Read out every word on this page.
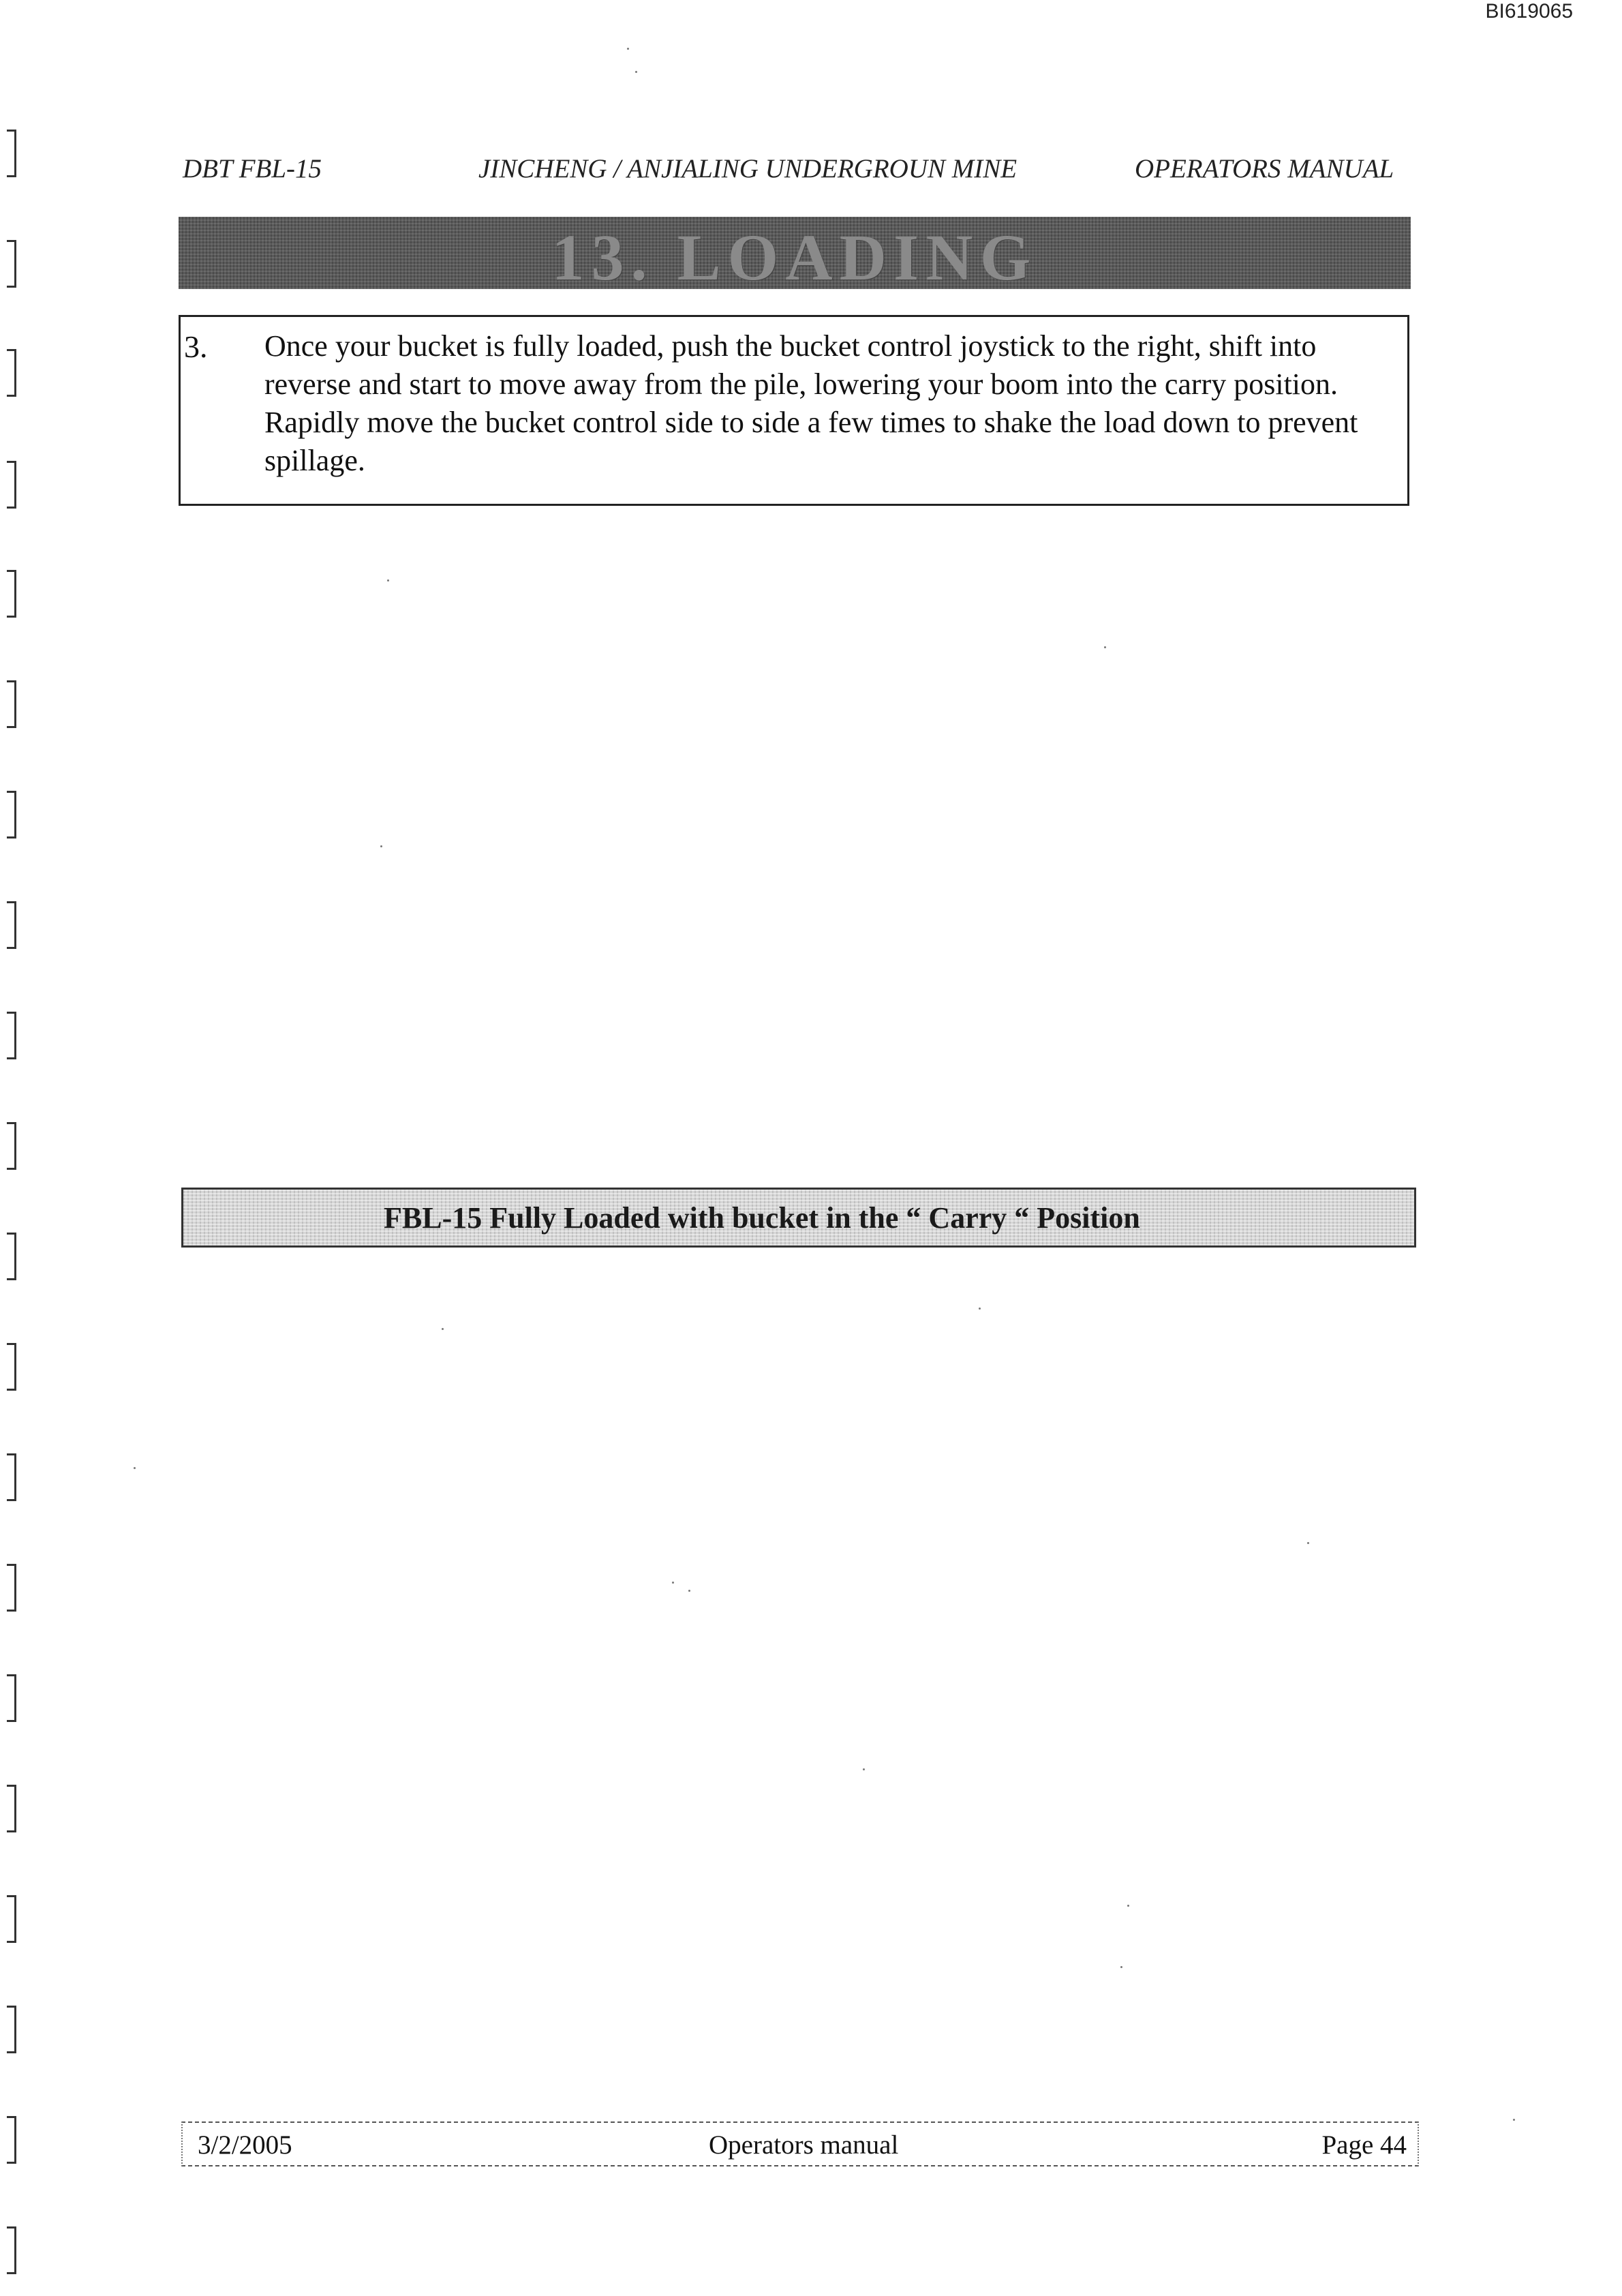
BI619065
DBT FBL-15	JINCHENG / ANJIALING UNDERGROUN MINE	OPERATORS MANUAL
13. LOADING
3. Once your bucket is fully loaded, push the bucket control joystick to the right, shift into reverse and start to move away from the pile, lowering your boom into the carry position. Rapidly move the bucket control side to side a few times to shake the load down to prevent spillage.
FBL-15 Fully Loaded with bucket in the “ Carry “ Position
3/2/2005	Operators manual	Page 44
